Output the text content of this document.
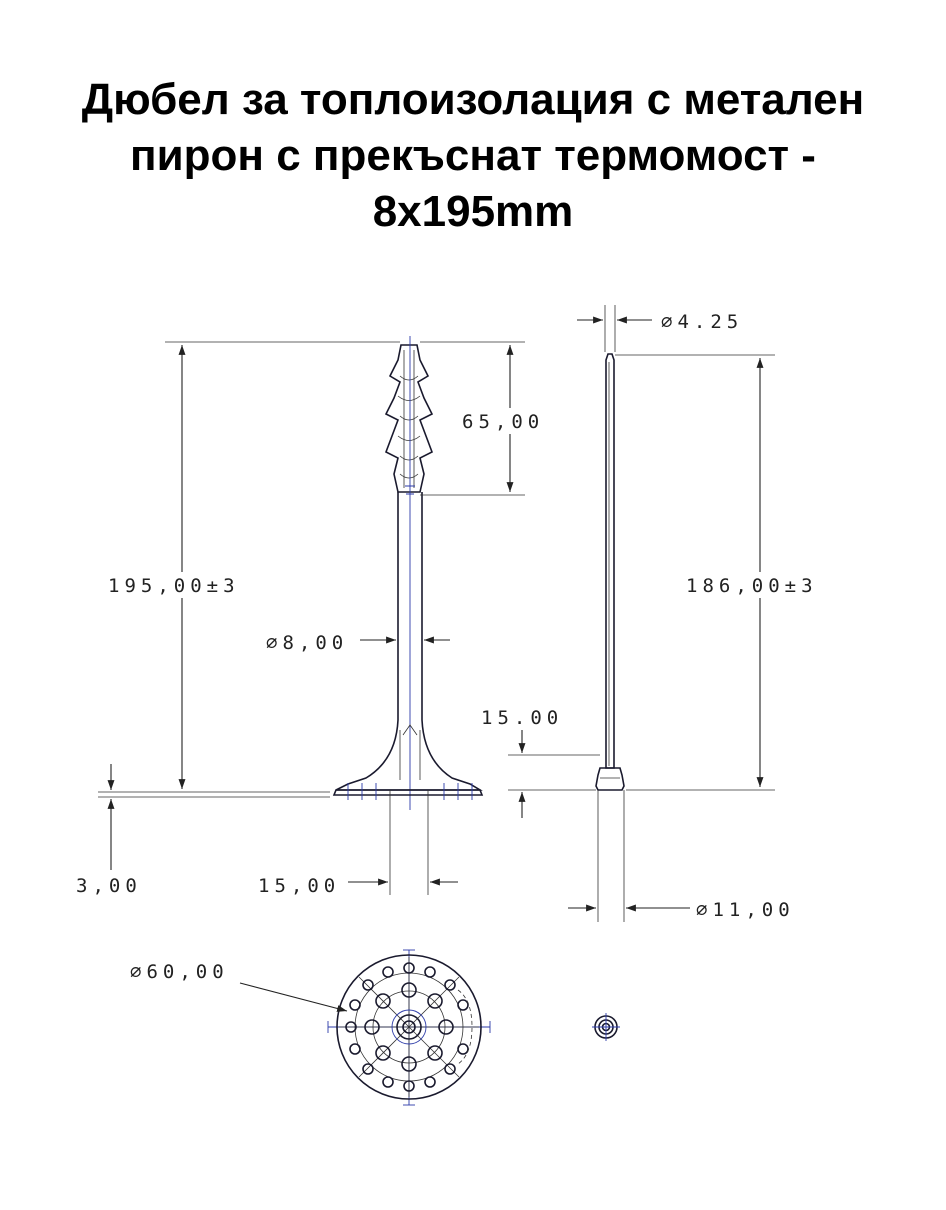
Дюбел за топлоизолация с метален
пирон с прекъснат термомост -
8x195mm
195,00±3
65,00
⌀8,00
3,00	15,00
⌀4.25
186,00±3
15.00
⌀11,00
⌀60,00
